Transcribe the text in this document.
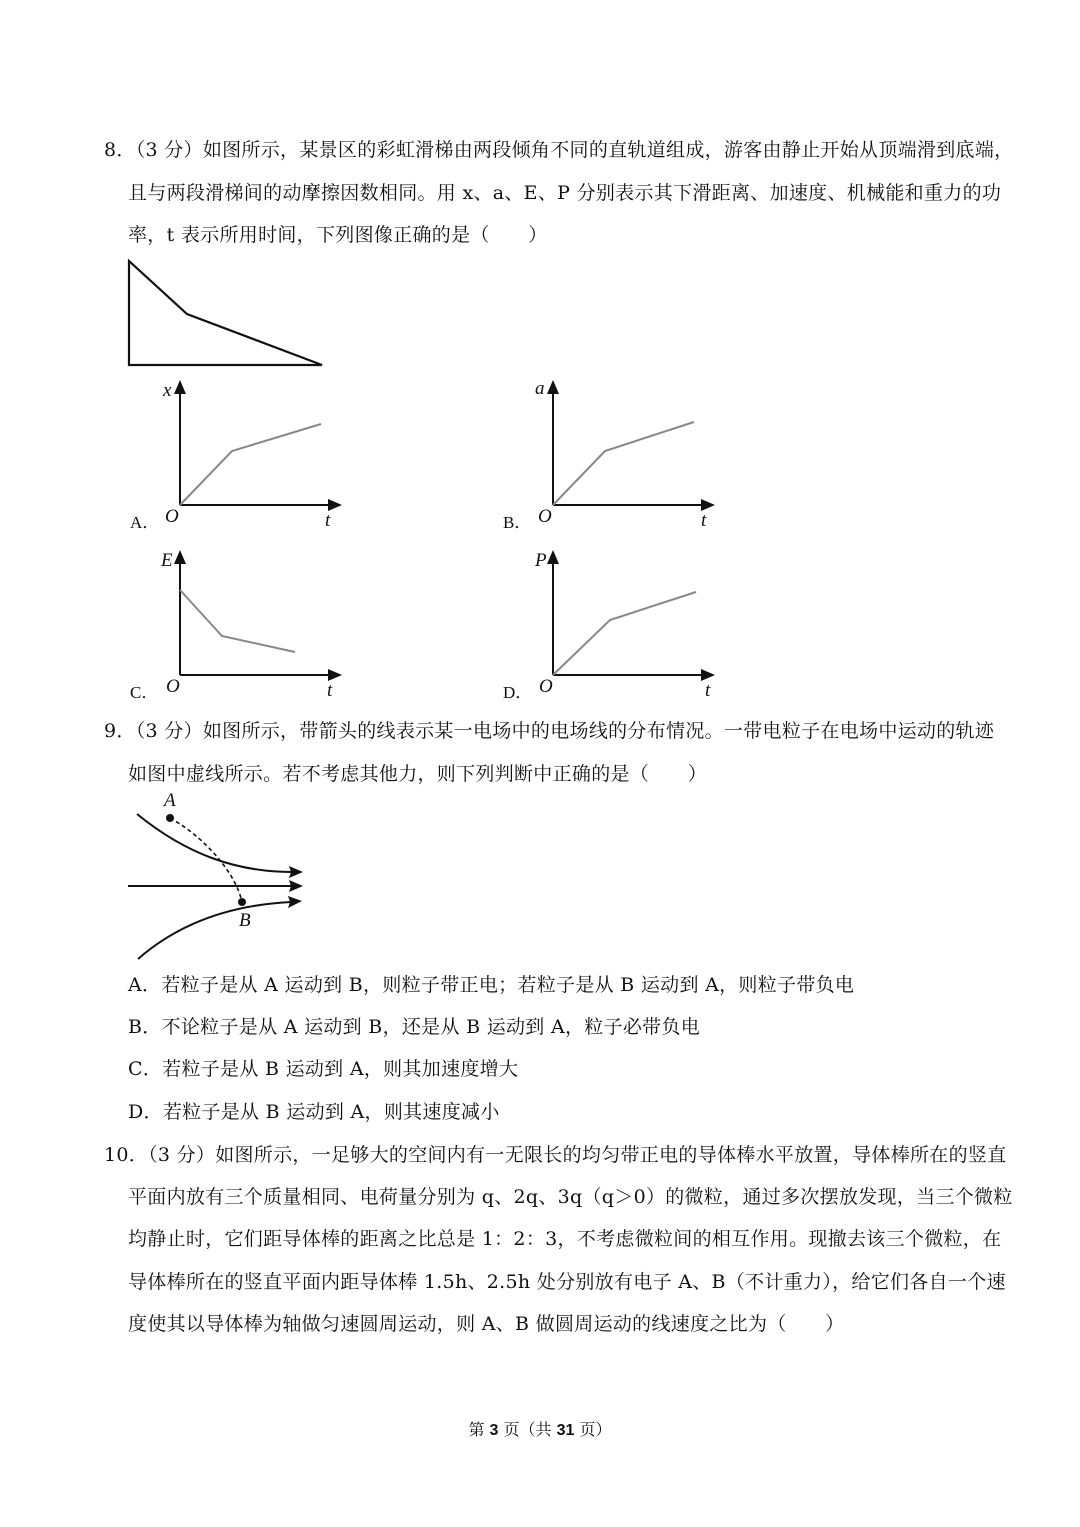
8．（3 分）如图所示，某景区的彩虹滑梯由两段倾角不同的直轨道组成，游客由静止开始从顶端滑到底端，
且与两段滑梯间的动摩擦因数相同。用 x、a、E、P 分别表示其下滑距离、加速度、机械能和重力的功
率，t 表示所用时间，下列图像正确的是（　　）
A．
x
O	t	B．
a
O	t
C．
E
O	t	D．
P
O	t
9．（3 分）如图所示，带箭头的线表示某一电场中的电场线的分布情况。一带电粒子在电场中运动的轨迹
如图中虚线所示。若不考虑其他力，则下列判断中正确的是（　　）
A
B
A．若粒子是从 A 运动到 B，则粒子带正电；若粒子是从 B 运动到 A，则粒子带负电
B．不论粒子是从 A 运动到 B，还是从 B 运动到 A，粒子必带负电
C．若粒子是从 B 运动到 A，则其加速度增大
D．若粒子是从 B 运动到 A，则其速度减小
10．（3 分）如图所示，一足够大的空间内有一无限长的均匀带正电的导体棒水平放置，导体棒所在的竖直
平面内放有三个质量相同、电荷量分别为 q、2q、3q（q＞0）的微粒，通过多次摆放发现，当三个微粒
均静止时，它们距导体棒的距离之比总是 1：2：3，不考虑微粒间的相互作用。现撤去该三个微粒，在
导体棒所在的竖直平面内距导体棒 1.5h、2.5h 处分别放有电子 A、B（不计重力），给它们各自一个速
度使其以导体棒为轴做匀速圆周运动，则 A、B 做圆周运动的线速度之比为（　　）
第 3 页（共 31 页）
